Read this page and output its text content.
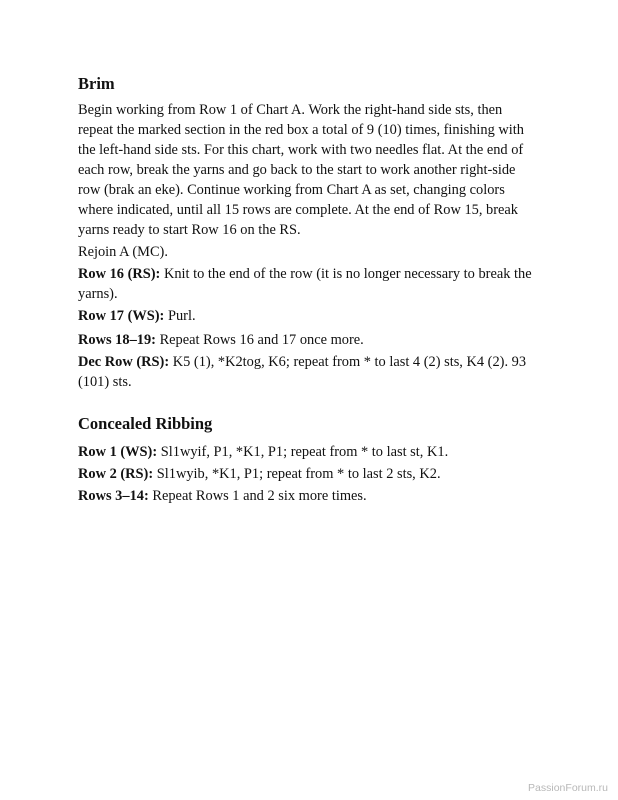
Brim

Begin working from Row 1 of Chart A. Work the right-hand side sts, then repeat the marked section in the red box a total of 9 (10) times, finishing with the left-hand side sts. For this chart, work with two needles flat. At the end of each row, break the yarns and go back to the start to work another right-side row (brak an eke). Continue working from Chart A as set, changing colors where indicated, until all 15 rows are complete. At the end of Row 15, break yarns ready to start Row 16 on the RS.

Rejoin A (MC).

Row 16 (RS): Knit to the end of the row (it is no longer necessary to break the yarns).

Row 17 (WS): Purl.

Rows 18–19: Repeat Rows 16 and 17 once more.

Dec Row (RS): K5 (1), *K2tog, K6; repeat from * to last 4 (2) sts, K4 (2). 93 (101) sts.

Concealed Ribbing

Row 1 (WS): Sl1wyif, P1, *K1, P1; repeat from * to last st, K1.

Row 2 (RS): Sl1wyib, *K1, P1; repeat from * to last 2 sts, K2.

Rows 3–14: Repeat Rows 1 and 2 six more times.

PassionForum.ru
